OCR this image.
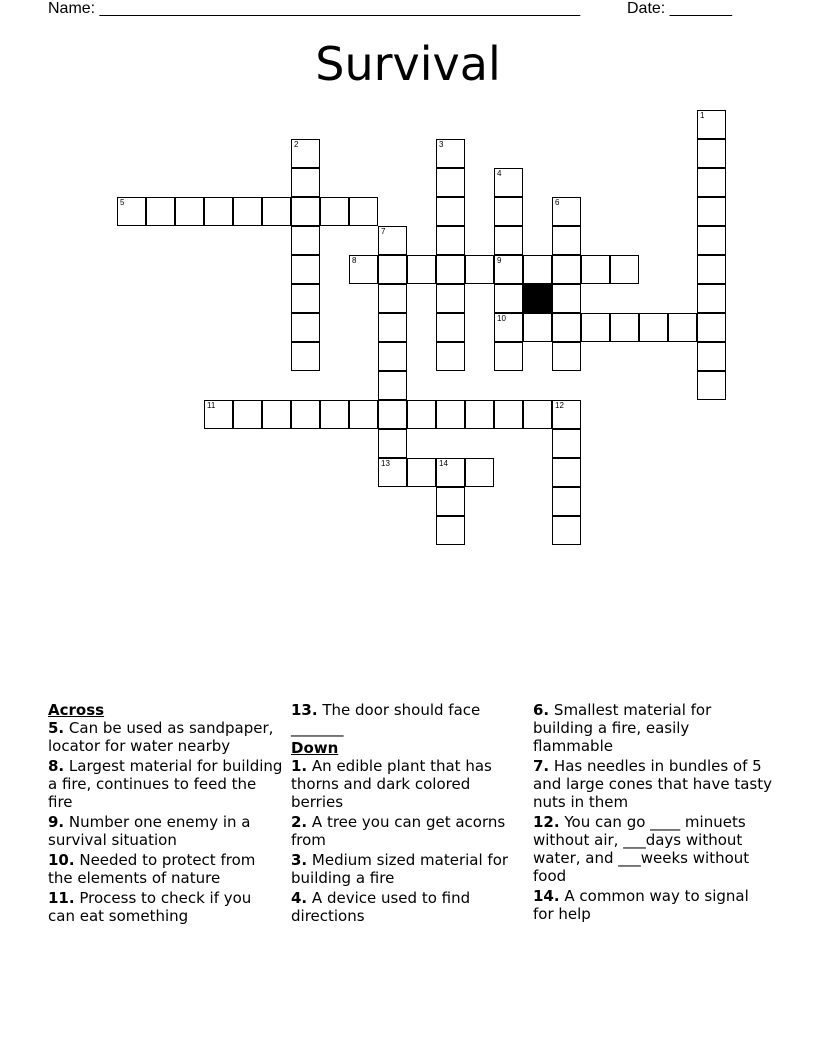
Name: ______________________________________________________	Date: _______
Survival
1
2	3
4
9
10
5	6
7
13
8
11	12
14
Across
5. Can be used as sandpaper, locator for water nearby
8. Largest material for building a fire, continues to feed the fire
9. Number one enemy in a survival situation
10. Needed to protect from the elements of nature
11. Process to check if you can eat something
13. The door should face _______
Down
1. An edible plant that has thorns and dark colored berries
2. A tree you can get acorns from
3. Medium sized material for building a fire
4. A device used to find directions
6. Smallest material for building a fire, easily flammable
7. Has needles in bundles of 5 and large cones that have tasty nuts in them
12. You can go ____ minuets without air, ___days without water, and ___weeks without food
14. A common way to signal for help
